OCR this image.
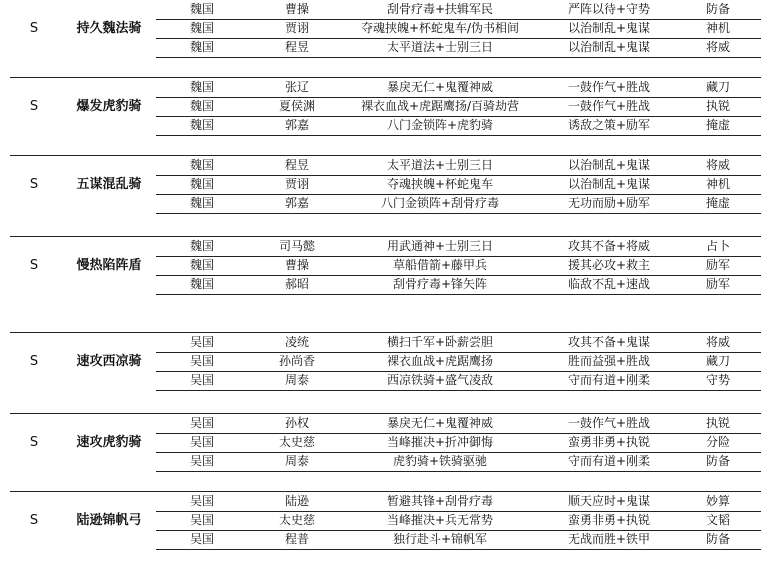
S	持久魏法骑
魏国	曹操	刮骨疗毒+扶辑军民	严阵以待+守势	防备
魏国	贾诩	夺魂挟魄+杯蛇鬼车/伪书相间	以治制乱+鬼谋	神机
魏国	程昱	太平道法+士别三日	以治制乱+鬼谋	将威
S	爆发虎豹骑
魏国	张辽	暴戾无仁+鬼覆神威	一鼓作气+胜战	藏刀
魏国	夏侯渊	裸衣血战+虎踞鹰扬/百骑劫营	一鼓作气+胜战	执锐
魏国	郭嘉	八门金锁阵+虎豹骑	诱敌之策+励军	掩虚
S	五谋混乱骑
魏国	程昱	太平道法+士别三日	以治制乱+鬼谋	将威
魏国	贾诩	夺魂挟魄+杯蛇鬼车	以治制乱+鬼谋	神机
魏国	郭嘉	八门金锁阵+刮骨疗毒	无功而励+励军	掩虚
S	慢热陷阵盾
魏国	司马懿	用武通神+士别三日	攻其不备+将威	占卜
魏国	曹操	草船借箭+藤甲兵	援其必攻+救主	励军
魏国	郝昭	刮骨疗毒+锋矢阵	临敌不乱+速战	励军
S	速攻西凉骑
吴国	凌统	横扫千军+卧薪尝胆	攻其不备+鬼谋	将威
吴国	孙尚香	裸衣血战+虎踞鹰扬	胜而益强+胜战	藏刀
吴国	周泰	西凉铁骑+盛气凌敌	守而有道+刚柔	守势
S	速攻虎豹骑
吴国	孙权	暴戾无仁+鬼覆神威	一鼓作气+胜战	执锐
吴国	太史慈	当峰摧决+折冲御悔	蛮勇非勇+执锐	分险
吴国	周泰	虎豹骑+铁骑驱驰	守而有道+刚柔	防备
S	陆逊锦帆弓
吴国	陆逊	暂避其锋+刮骨疗毒	顺天应时+鬼谋	妙算
吴国	太史慈	当峰摧决+兵无常势	蛮勇非勇+执锐	文韬
吴国	程普	独行赴斗+锦帆军	无战而胜+铁甲	防备
